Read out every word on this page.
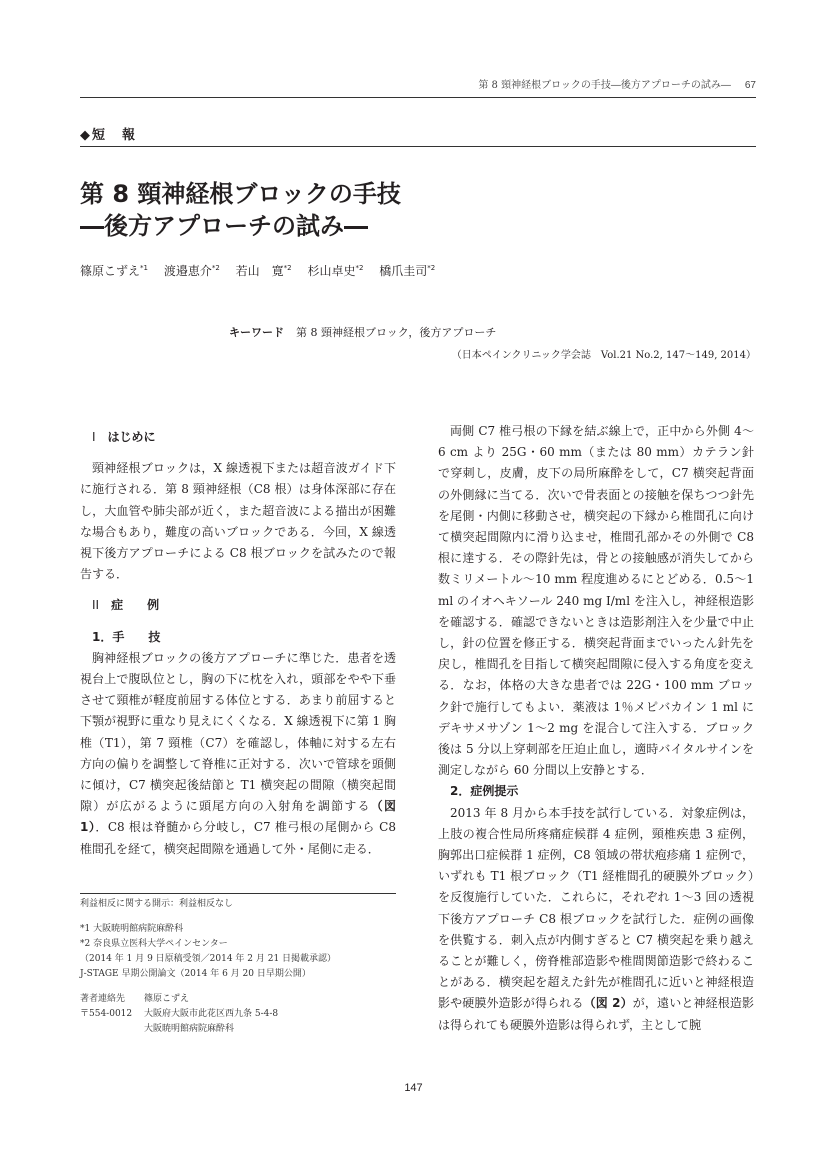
第 8 頸神経根ブロックの手技―後方アプローチの試み― 67
◆短　報
第 8 頸神経根ブロックの手技
―後方アプローチの試み―
篠原こずえ$^{*1}$ 渡邉恵介$^{*2}$ 若山　寛$^{*2}$ 杉山卓史$^{*2}$ 橋爪圭司$^{*2}$
キーワード 第 8 頸神経根ブロック，後方アプローチ
（日本ペインクリニック学会誌　Vol.21 No.2, 147～149, 2014）

I はじめに

頸神経根ブロックは，X 線透視下または超音波ガイド下に施行される．第 8 頸神経根（C8 根）は身体深部に存在し，大血管や肺尖部が近く，また超音波による描出が困難な場合もあり，難度の高いブロックである．今回，X 線透視下後方アプローチによる C8 根ブロックを試みたので報告する．

II 症　　例

1．手　　技

胸神経根ブロックの後方アプローチに準じた．患者を透視台上で腹臥位とし，胸の下に枕を入れ，頭部をやや下垂させて頸椎が軽度前屈する体位とする．あまり前屈すると下顎が視野に重なり見えにくくなる．X 線透視下に第 1 胸椎（T1），第 7 頸椎（C7）を確認し，体軸に対する左右方向の偏りを調整して脊椎に正対する．次いで管球を頭側に傾け，C7 横突起後結節と T1 横突起の間隙（横突起間隙）が広がるように頭尾方向の入射角を調節する（図 1）．C8 根は脊髄から分岐し，C7 椎弓根の尾側から C8 椎間孔を経て，横突起間隙を通過して外・尾側に走る．

両側 C7 椎弓根の下縁を結ぶ線上で，正中から外側 4～6 cm より 25G・60 mm（または 80 mm）カテラン針で穿刺し，皮膚，皮下の局所麻酔をして，C7 横突起背面の外側縁に当てる．次いで骨表面との接触を保ちつつ針先を尾側・内側に移動させ，横突起の下縁から椎間孔に向けて横突起間隙内に滑り込ませ，椎間孔部かその外側で C8 根に達する．その際針先は，骨との接触感が消失してから数ミリメートル～10 mm 程度進めるにとどめる．0.5～1 ml のイオヘキソール 240 mg I/ml を注入し，神経根造影を確認する．確認できないときは造影剤注入を少量で中止し，針の位置を修正する．横突起背面までいったん針先を戻し，椎間孔を目指して横突起間隙に侵入する角度を変える．なお，体格の大きな患者では 22G・100 mm ブロック針で施行してもよい．薬液は 1％メピバカイン 1 ml にデキサメサゾン 1～2 mg を混合して注入する．ブロック後は 5 分以上穿刺部を圧迫止血し，適時バイタルサインを測定しながら 60 分間以上安静とする．

2．症例提示

2013 年 8 月から本手技を試行している．対象症例は，上肢の複合性局所疼痛症候群 4 症例，頸椎疾患 3 症例，胸郭出口症候群 1 症例，C8 領域の帯状疱疹痛 1 症例で，いずれも T1 根ブロック（T1 経椎間孔的硬膜外ブロック）を反復施行していた．これらに，それぞれ 1～3 回の透視下後方アプローチ C8 根ブロックを試行した．症例の画像を供覧する．刺入点が内側すぎると C7 横突起を乗り越えることが難しく，傍脊椎部造影や椎間関節造影で終わることがある．横突起を超えた針先が椎間孔に近いと神経根造影や硬膜外造影が得られる（図 2）が，遠いと神経根造影は得られても硬膜外造影は得られず，主として腕

利益相反に関する開示：利益相反なし
*1 大阪暁明館病院麻酔科
*2 奈良県立医科大学ペインセンター
（2014 年 1 月 9 日原稿受領／2014 年 2 月 21 日掲載承認）
J-STAGE 早期公開論文（2014 年 6 月 20 日早期公開）
著者連絡先	篠原こずえ
〒554-0012	大阪府大阪市此花区西九条 5-4-8
大阪暁明館病院麻酔科
147
